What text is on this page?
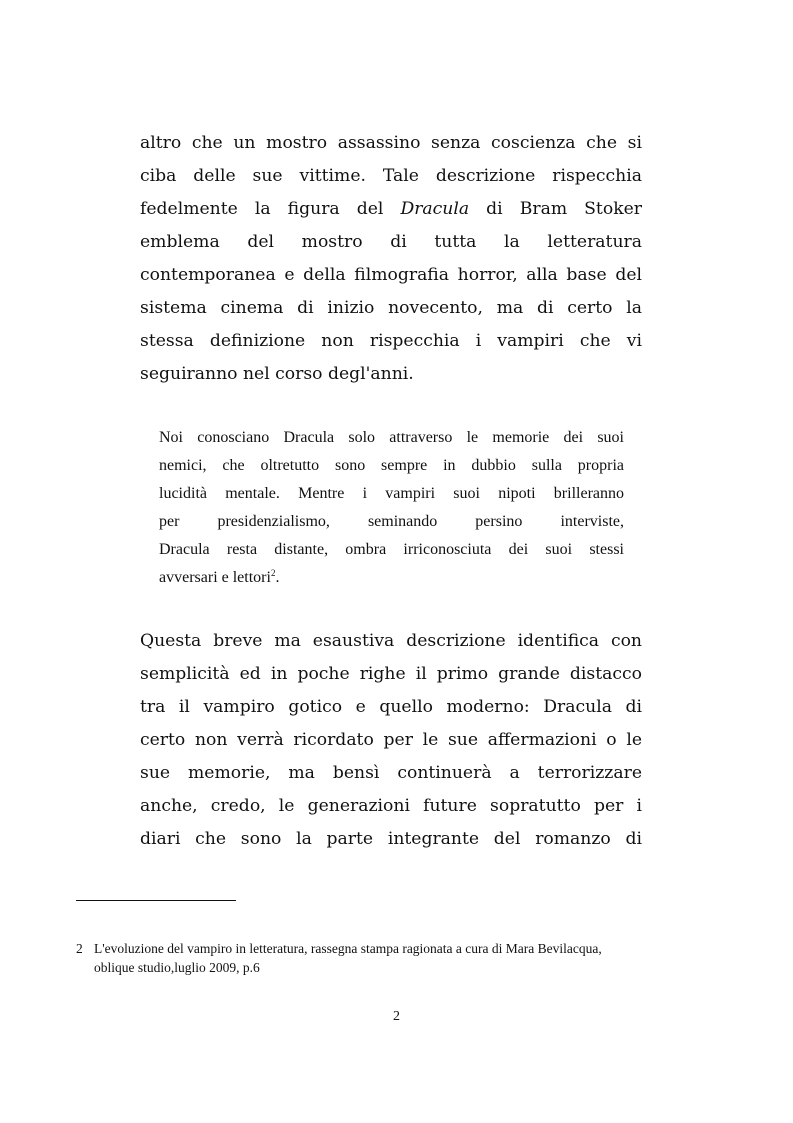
altro che un mostro assassino senza coscienza che si
ciba delle sue vittime. Tale descrizione rispecchia
fedelmente la figura del Dracula di Bram Stoker
emblema del mostro di tutta la letteratura
contemporanea e della filmografia horror, alla base del
sistema cinema di inizio novecento, ma di certo la
stessa definizione non rispecchia i vampiri che vi
seguiranno nel corso degl'anni.
Noi conosciano Dracula solo attraverso le memorie dei suoi
nemici, che oltretutto sono sempre in dubbio sulla propria
lucidità mentale. Mentre i vampiri suoi nipoti brilleranno
per presidenzialismo, seminando persino interviste,
Dracula resta distante, ombra irriconosciuta dei suoi stessi
avversari e lettori$^2$.
Questa breve ma esaustiva descrizione identifica con
semplicità ed in poche righe il primo grande distacco
tra il vampiro gotico e quello moderno: Dracula di
certo non verrà ricordato per le sue affermazioni o le
sue memorie, ma bensì continuerà a terrorizzare
anche, credo, le generazioni future sopratutto per i
diari che sono la parte integrante del romanzo di
2 L'evoluzione del vampiro in letteratura, rassegna stampa ragionata a cura di Mara Bevilacqua,
oblique studio,luglio 2009, p.6
2
